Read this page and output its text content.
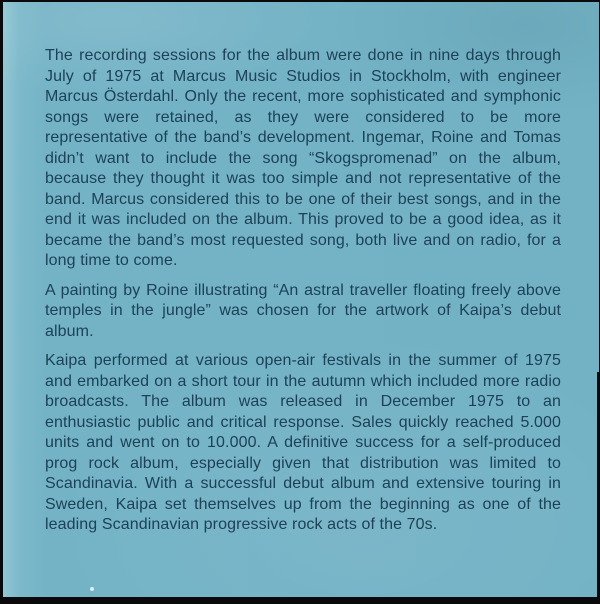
The recording sessions for the album were done in nine days through July of 1975 at Marcus Music Studios in Stockholm, with engineer Marcus Österdahl. Only the recent, more sophisticated and symphonic songs were retained, as they were considered to be more representative of the band’s development. Ingemar, Roine and Tomas didn’t want to include the song “Skogspromenad” on the album, because they thought it was too simple and not representative of the band. Marcus considered this to be one of their best songs, and in the end it was included on the album. This proved to be a good idea, as it became the band’s most requested song, both live and on radio, for a long time to come.

A painting by Roine illustrating “An astral traveller floating freely above temples in the jungle” was chosen for the artwork of Kaipa’s debut album.

Kaipa performed at various open-air festivals in the summer of 1975 and embarked on a short tour in the autumn which included more radio broadcasts. The album was released in December 1975 to an enthusiastic public and critical response. Sales quickly reached 5.000 units and went on to 10.000. A definitive success for a self-produced prog rock album, especially given that distribution was limited to Scandinavia. With a successful debut album and extensive touring in Sweden, Kaipa set themselves up from the beginning as one of the leading Scandinavian progressive rock acts of the 70s.
